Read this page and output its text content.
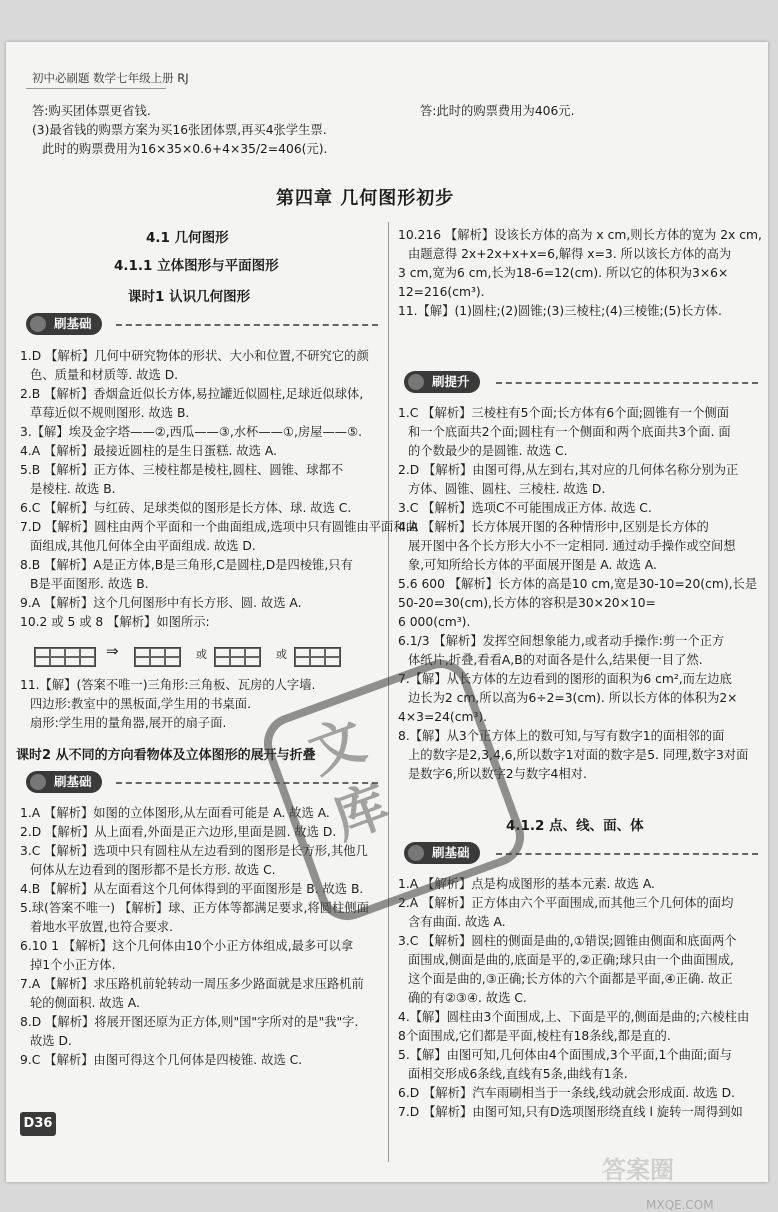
初中必刷题 数学七年级上册 RJ
答:购买团体票更省钱.
(3)最省钱的购票方案为买16张团体票,再买4张学生票.
此时的购票费用为16×35×0.6+4×35/2=406(元).
答:此时的购票费用为406元.
第四章 几何图形初步
4.1 几何图形
4.1.1 立体图形与平面图形
课时1 认识几何图形
刷基础
1.D 【解析】几何中研究物体的形状、大小和位置,不研究它的颜
色、质量和材质等. 故选 D.
2.B 【解析】香烟盒近似长方体,易拉罐近似圆柱,足球近似球体,
草莓近似不规则图形. 故选 B.
3.【解】埃及金字塔——②,西瓜——③,水杯——①,房屋——⑤.
4.A 【解析】最接近圆柱的是生日蛋糕. 故选 A.
5.B 【解析】正方体、三棱柱都是棱柱,圆柱、圆锥、球都不
是棱柱. 故选 B.
6.C 【解析】与红砖、足球类似的图形是长方体、球. 故选 C.
7.D 【解析】圆柱由两个平面和一个曲面组成,选项中只有圆锥由平面和曲
面组成,其他几何体全由平面组成. 故选 D.
8.B 【解析】A是正方体,B是三角形,C是圆柱,D是四棱锥,只有
B是平面图形. 故选 B.
9.A 【解析】这个几何图形中有长方形、圆. 故选 A.
10.2 或 5 或 8 【解析】如图所示:
⇒	或	或
11.【解】(答案不唯一)三角形:三角板、瓦房的人字墙.
四边形:教室中的黑板面,学生用的书桌面.
扇形:学生用的量角器,展开的扇子面.
课时2 从不同的方向看物体及立体图形的展开与折叠
刷基础
1.A 【解析】如图的立体图形,从左面看可能是 A. 故选 A.
2.D 【解析】从上面看,外面是正六边形,里面是圆. 故选 D.
3.C 【解析】选项中只有圆柱从左边看到的图形是长方形,其他几
何体从左边看到的图形都不是长方形. 故选 C.
4.B 【解析】从左面看这个几何体得到的平面图形是 B. 故选 B.
5.球(答案不唯一) 【解析】球、正方体等都满足要求,将圆柱侧面
着地水平放置,也符合要求.
6.10 1 【解析】这个几何体由10个小正方体组成,最多可以拿
掉1个小正方体.
7.A 【解析】求压路机前轮转动一周压多少路面就是求压路机前
轮的侧面积. 故选 A.
8.D 【解析】将展开图还原为正方体,则"国"字所对的是"我"字.
故选 D.
9.C 【解析】由图可得这个几何体是四棱锥. 故选 C.
10.216 【解析】设该长方体的高为 x cm,则长方体的宽为 2x cm,
由题意得 2x+2x+x+x=6,解得 x=3. 所以该长方体的高为
3 cm,宽为6 cm,长为18-6=12(cm). 所以它的体积为3×6×
12=216(cm³).
11.【解】(1)圆柱;(2)圆锥;(3)三棱柱;(4)三棱锥;(5)长方体.
刷提升
1.C 【解析】三棱柱有5个面;长方体有6个面;圆锥有一个侧面
和一个底面共2个面;圆柱有一个侧面和两个底面共3个面. 面
的个数最少的是圆锥. 故选 C.
2.D 【解析】由图可得,从左到右,其对应的几何体名称分别为正
方体、圆锥、圆柱、三棱柱. 故选 D.
3.C 【解析】选项C不可能围成正方体. 故选 C.
4.A 【解析】长方体展开图的各种情形中,区别是长方体的
展开图中各个长方形大小不一定相同. 通过动手操作或空间想
象,可知所给长方体的平面展开图是 A. 故选 A.
5.6 600 【解析】长方体的高是10 cm,宽是30-10=20(cm),长是
50-20=30(cm),长方体的容积是30×20×10=
6 000(cm³).
6.1/3 【解析】发挥空间想象能力,或者动手操作:剪一个正方
体纸片,折叠,看看A,B的对面各是什么,结果便一目了然.
7.【解】从长方体的左边看到的图形的面积为6 cm²,而左边底
边长为2 cm,所以高为6÷2=3(cm). 所以长方体的体积为2×
4×3=24(cm³).
8.【解】从3个正方体上的数可知,与写有数字1的面相邻的面
上的数字是2,3,4,6,所以数字1对面的数字是5. 同理,数字3对面
是数字6,所以数字2与数字4相对.
4.1.2 点、线、面、体
刷基础
1.A 【解析】点是构成图形的基本元素. 故选 A.
2.A 【解析】正方体由六个平面围成,而其他三个几何体的面均
含有曲面. 故选 A.
3.C 【解析】圆柱的侧面是曲的,①错误;圆锥由侧面和底面两个
面围成,侧面是曲的,底面是平的,②正确;球只由一个曲面围成,
这个面是曲的,③正确;长方体的六个面都是平面,④正确. 故正
确的有②③④. 故选 C.
4.【解】圆柱由3个面围成,上、下面是平的,侧面是曲的;六棱柱由
8个面围成,它们都是平面,棱柱有18条线,都是直的.
5.【解】由图可知,几何体由4个面围成,3个平面,1个曲面;面与
面相交形成6条线,直线有5条,曲线有1条.
6.D 【解析】汽车雨刷相当于一条线,线动就会形成面. 故选 D.
7.D 【解析】由图可知,只有D选项图形绕直线 l 旋转一周得到如
D36
文
库
答案圈
MXQE.COM
